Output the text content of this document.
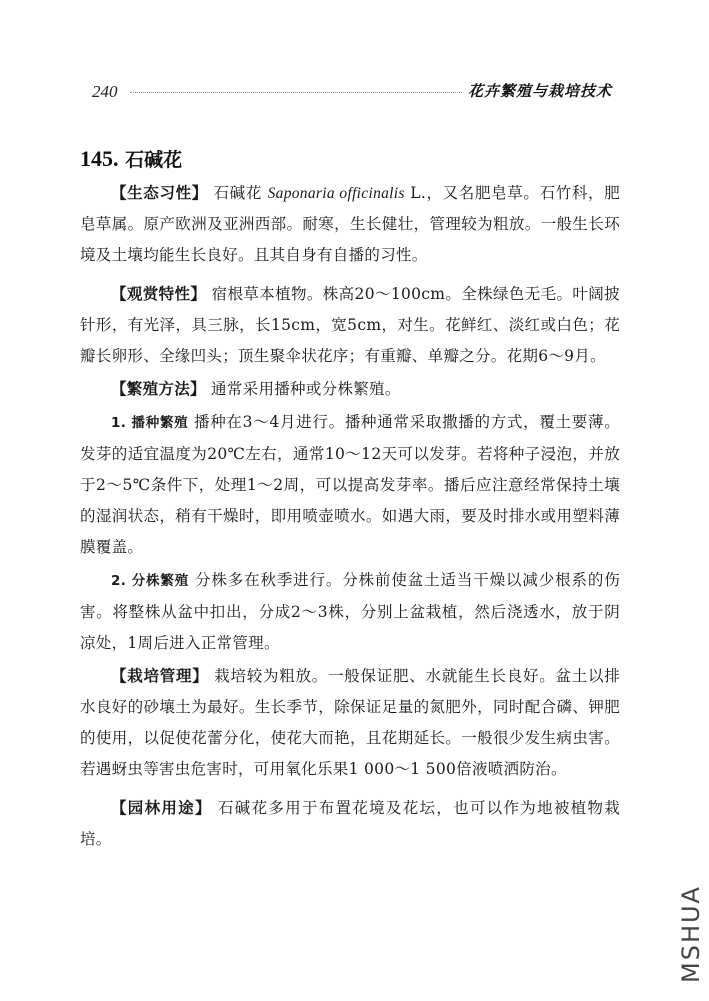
240	花卉繁殖与栽培技术
145. 石碱花

【生态习性】 石碱花 Saponaria officinalis L.，又名肥皂草。石竹科，肥皂草属。原产欧洲及亚洲西部。耐寒，生长健壮，管理较为粗放。一般生长环境及土壤均能生长良好。且其自身有自播的习性。

【观赏特性】 宿根草本植物。株高20～100cm。全株绿色无毛。叶阔披针形，有光泽，具三脉，长15cm，宽5cm，对生。花鲜红、淡红或白色；花瓣长卵形、全缘凹头；顶生聚伞状花序；有重瓣、单瓣之分。花期6～9月。

【繁殖方法】 通常采用播种或分株繁殖。

1. 播种繁殖 播种在3～4月进行。播种通常采取撒播的方式，覆土要薄。发芽的适宜温度为20℃左右，通常10～12天可以发芽。若将种子浸泡，并放于2～5℃条件下，处理1～2周，可以提高发芽率。播后应注意经常保持土壤的湿润状态，稍有干燥时，即用喷壶喷水。如遇大雨，要及时排水或用塑料薄膜覆盖。

2. 分株繁殖 分株多在秋季进行。分株前使盆土适当干燥以减少根系的伤害。将整株从盆中扣出，分成2～3株，分别上盆栽植，然后浇透水，放于阴凉处，1周后进入正常管理。

【栽培管理】 栽培较为粗放。一般保证肥、水就能生长良好。盆土以排水良好的砂壤土为最好。生长季节，除保证足量的氮肥外，同时配合磷、钾肥的使用，以促使花蕾分化，使花大而艳，且花期延长。一般很少发生病虫害。若遇蚜虫等害虫危害时，可用氧化乐果1 000～1 500倍液喷洒防治。

【园林用途】 石碱花多用于布置花境及花坛，也可以作为地被植物栽培。

MSHUA
